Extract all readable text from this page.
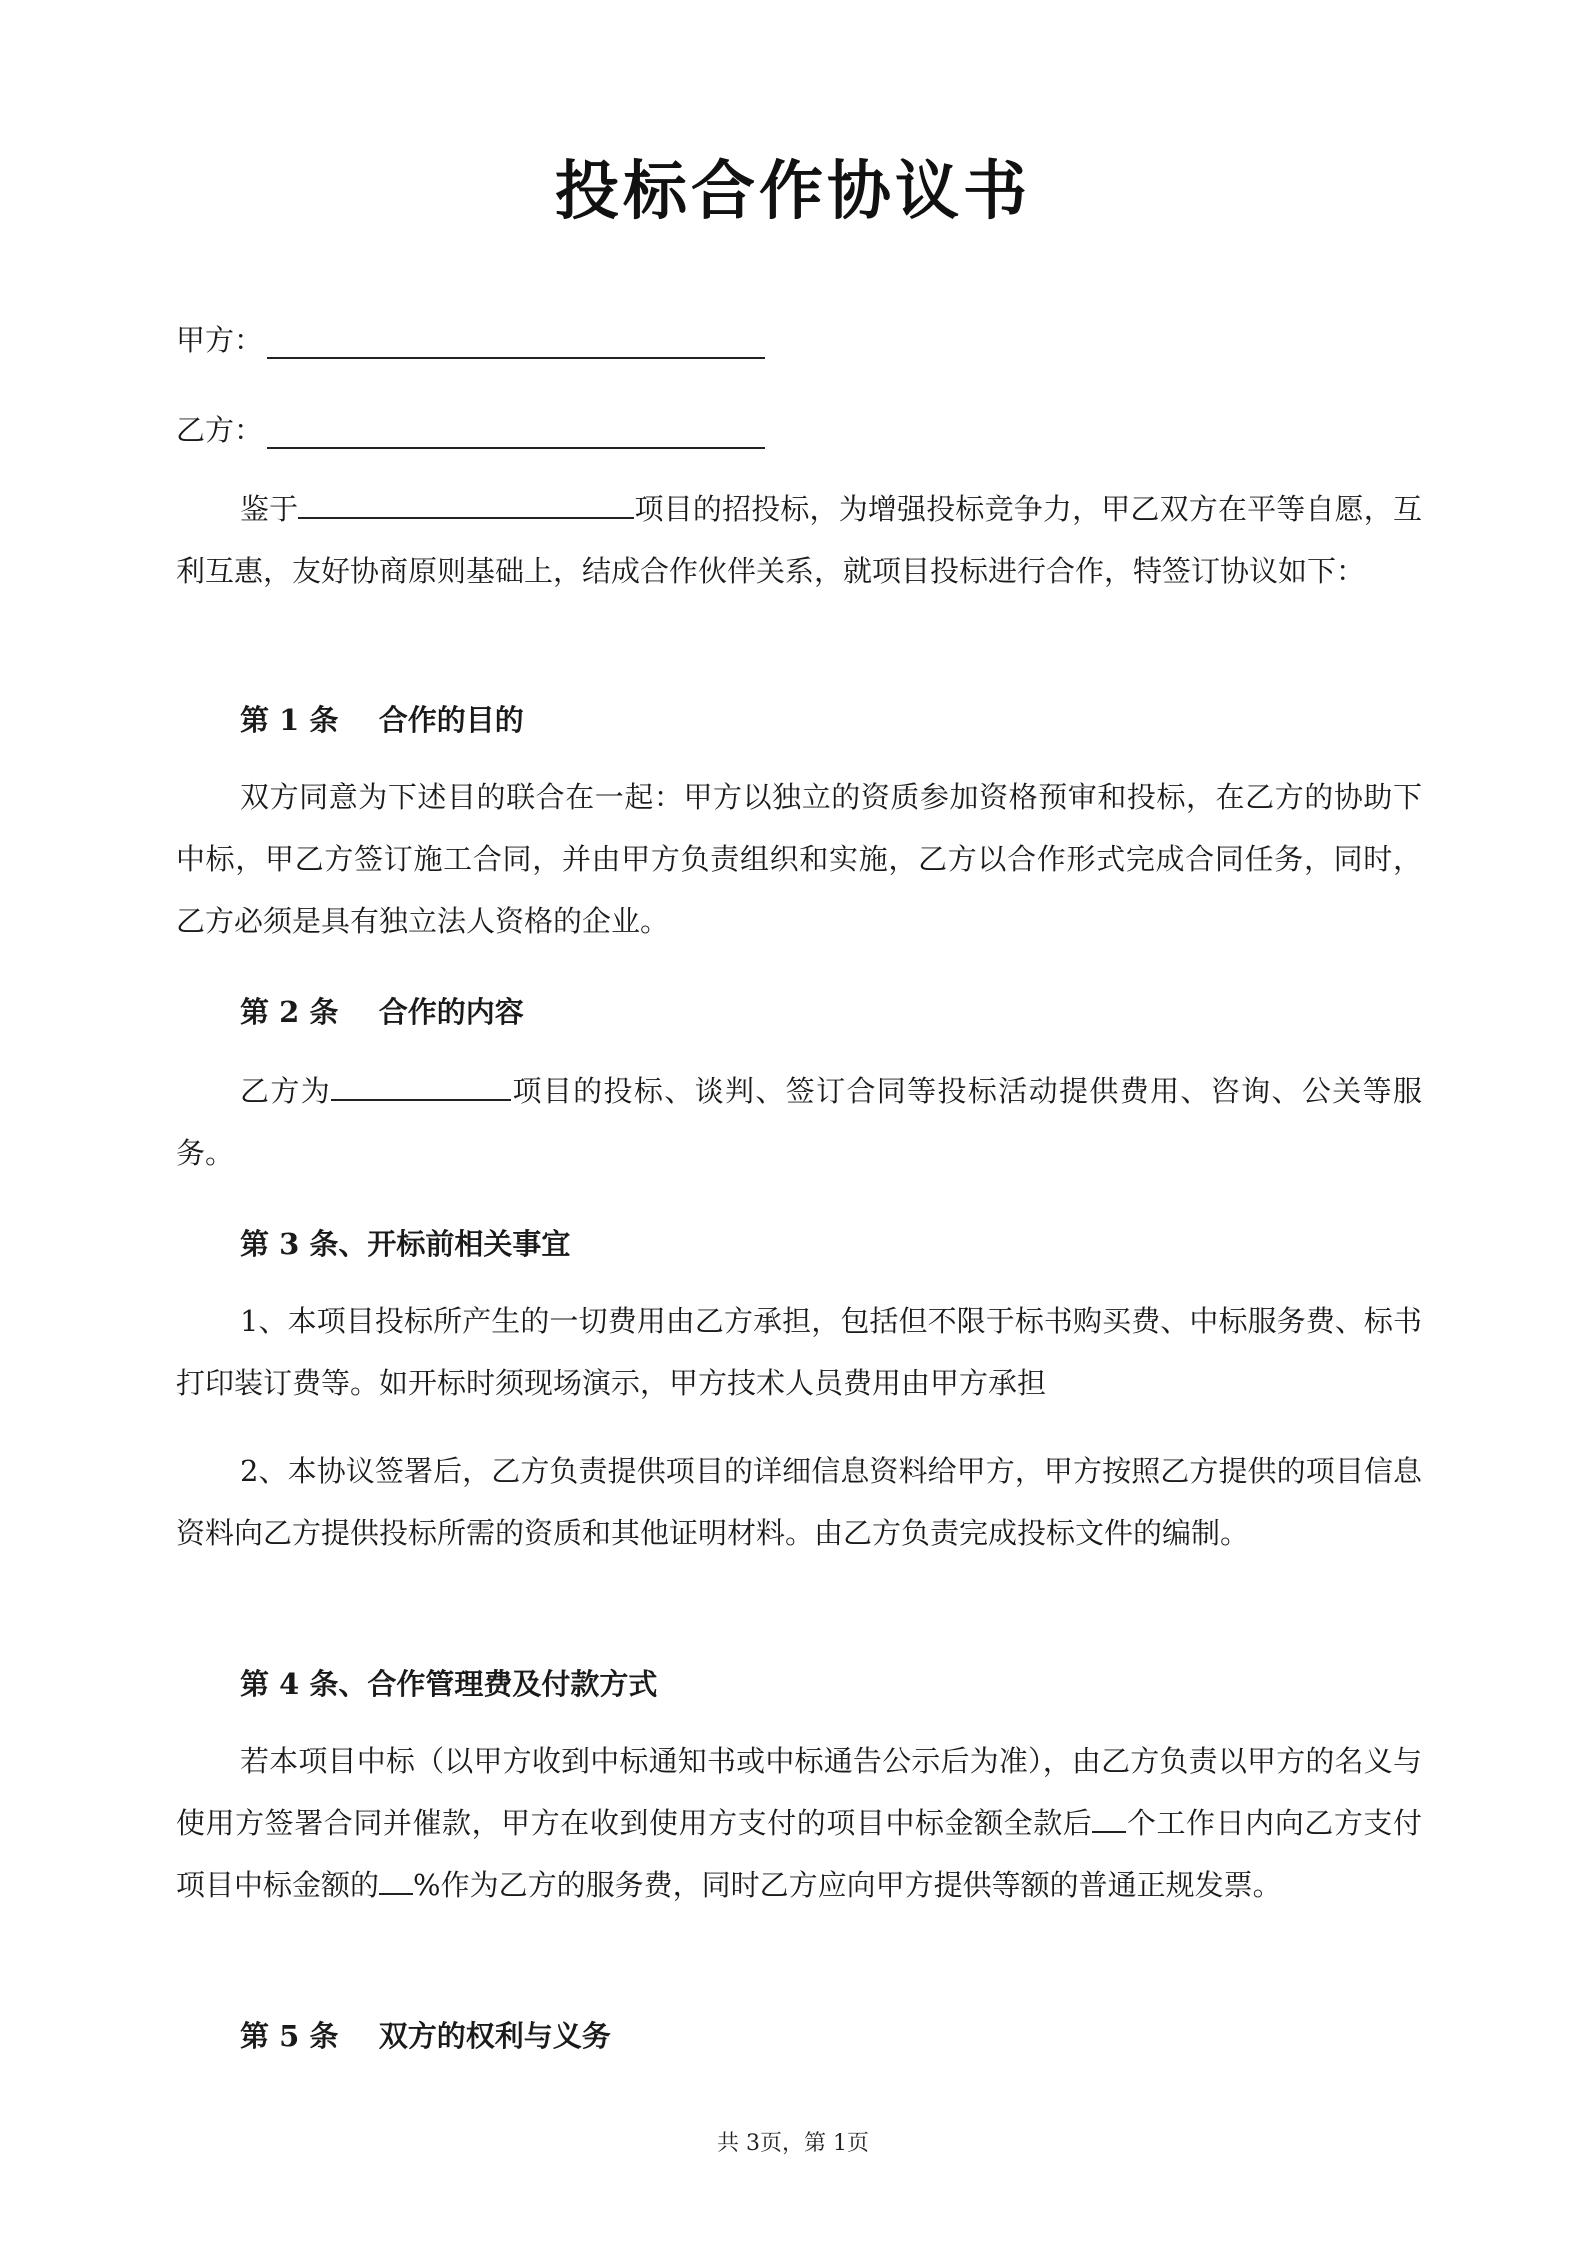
投标合作协议书
甲方：
乙方：
鉴于	项目的招投标，为增强投标竞争力，甲乙双方在平等自愿，互利互惠，友好协商原则基础上，结成合作伙伴关系，就项目投标进行合作，特签订协议如下：
第 1 条    合作的目的
双方同意为下述目的联合在一起：甲方以独立的资质参加资格预审和投标，在乙方的协助下中标，甲乙方签订施工合同，并由甲方负责组织和实施，乙方以合作形式完成合同任务，同时，乙方必须是具有独立法人资格的企业。
第 2 条    合作的内容
乙方为	项目的投标、谈判、签订合同等投标活动提供费用、咨询、公关等服务。
第 3 条、开标前相关事宜
1、本项目投标所产生的一切费用由乙方承担，包括但不限于标书购买费、中标服务费、标书打印装订费等。如开标时须现场演示，甲方技术人员费用由甲方承担
2、本协议签署后，乙方负责提供项目的详细信息资料给甲方，甲方按照乙方提供的项目信息资料向乙方提供投标所需的资质和其他证明材料。由乙方负责完成投标文件的编制。
第 4 条、合作管理费及付款方式
若本项目中标（以甲方收到中标通知书或中标通告公示后为准），由乙方负责以甲方的名义与使用方签署合同并催款，甲方在收到使用方支付的项目中标金额全款后 个工作日内向乙方支付项目中标金额的 %作为乙方的服务费，同时乙方应向甲方提供等额的普通正规发票。
第 5 条    双方的权利与义务
共 3页，第 1页
